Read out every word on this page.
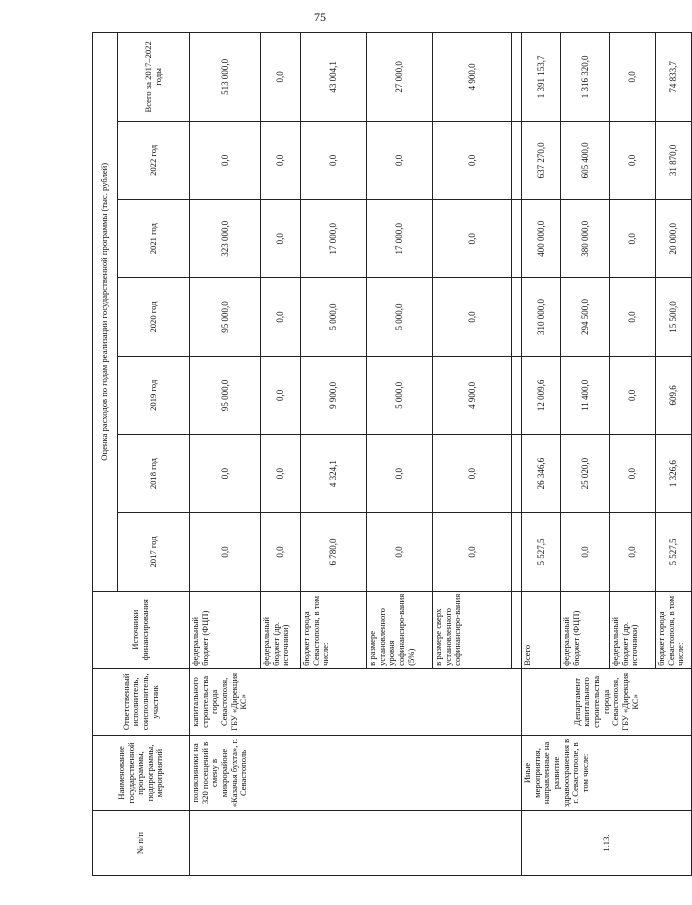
75
№ п/п	Наименование государственной программы, подпрограммы, мероприятий	Ответственный исполнитель, соисполнитель, участник	Источники финансирования	Оценка расходов по годам реализации государственной программы (тыс. рублей)						
				2017 год	2018 год	2019 год	2020 год	2021 год	2022 год	Всего за 2017–2022 годы
	поликлиники на 320 посещений в смену в микрорайоне «Казачья бухта», г. Севастополь	капитального строительства города Севастополя, ГБУ «Дирекция КС»	федеральный бюджет (ФЦП)	0,0	0,0	95 000,0	95 000,0	323 000,0	0,0	513 000,0
			федеральный бюджет (др. источники)	0,0	0,0	0,0	0,0	0,0	0,0	0,0
			бюджет города Севастополя, в том числе:	6 780,0	4 324,1	9 900,0	5 000,0	17 000,0	0,0	43 004,1
			в размере установленного уровня софинансиро-вания (5%)	0,0	0,0	5 000,0	5 000,0	17 000,0	0,0	27 000,0
			в размере сверх установленного софинансиро-вания	0,0	0,0	4 900,0	0,0	0,0	0,0	4 900,0

1.13.	Иные мероприятия, направленные на развитие здравоохранения в г. Севастополе, в том числе:	Департамент капитального строительства города Севастополя, ГБУ «Дирекция КС»	Всего	5 527,5	26 346,6	12 009,6	310 000,0	400 000,0	637 270,0	1 391 153,7
			федеральный бюджет (ФЦП)	0,0	25 020,0	11 400,0	294 500,0	380 000,0	605 400,0	1 316 320,0
			федеральный бюджет (др. источники)	0,0	0,0	0,0	0,0	0,0	0,0	0,0
			бюджет города Севастополя, в том числе:	5 527,5	1 326,6	609,6	15 500,0	20 000,0	31 870,0	74 833,7
